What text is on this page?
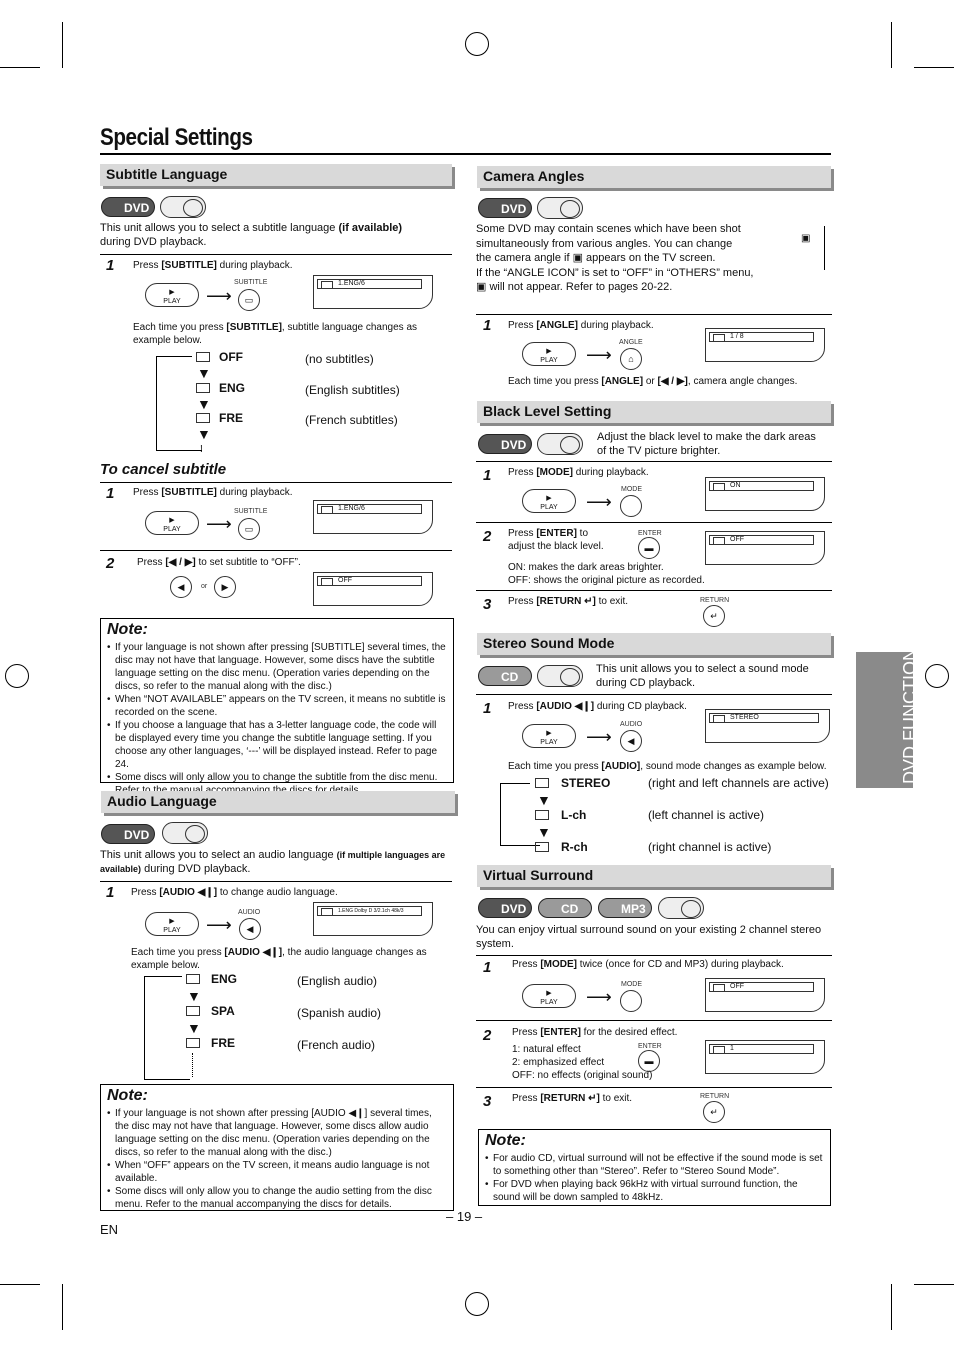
Special Settings
DVD FUNCTIONS
Subtitle Language
DVD
This unit allows you to select a subtitle language (if available)
during DVD playback.
1 Press [SUBTITLE] during playback.
▶
PLAY	⟶
SUBTITLE
▭
1.ENG/6
Each time you press [SUBTITLE], subtitle language changes as example below.
OFF	(no subtitles)
▼
ENG	(English subtitles)
▼
FRE	(French subtitles)
▼
!
To cancel subtitle
1 Press [SUBTITLE] during playback.
▶
PLAY	⟶
SUBTITLE
▭
1.ENG/6
2 Press [◀ / ▶] to set subtitle to “OFF”.
◀	or	▶
OFF
Note:
• If your language is not shown after pressing [SUBTITLE] several times, the disc may not have that language. However, some discs have the subtitle language setting on the disc menu. (Operation varies depending on the discs, so refer to the manual along with the disc.)
• When “NOT AVAILABLE” appears on the TV screen, it means no subtitle is recorded on the scene.
• If you choose a language that has a 3-letter language code, the code will be displayed every time you change the subtitle language setting. If you choose any other languages, ‘---’ will be displayed instead. Refer to page 24.
• Some discs will only allow you to change the subtitle from the disc menu.
Audio Language
DVD
This unit allows you to select an audio language (if multiple languages are available) during DVD playback.
1 Press [AUDIO ◀❙] to change audio language.
▶
PLAY	⟶
AUDIO
◀
1.ENG Dolby D 3/2.1ch 48k/3
Each time you press [AUDIO ◀❙], the audio language changes as example below.
ENG	(English audio)
▼
SPA	(Spanish audio)
▼
FRE	(French audio)
Note:
• If your language is not shown after pressing [AUDIO ◀❙] several times, the disc may not have that language. However, some discs allow audio language setting on the disc menu. (Operation varies depending on the discs, so refer to the manual along with the disc.)
• When “OFF” appears on the TV screen, it means audio language is not available.
• Some discs will only allow you to change the audio setting from the disc menu. Refer to the manual accompanying the discs for details.
– 19 –
EN
Camera Angles
DVD
Some DVD may contain scenes which have been shot
simultaneously from various angles. You can change
the camera angle if ▣ appears on the TV screen.
If the “ANGLE ICON” is set to “OFF” in “OTHERS” menu,
▣ will not appear. Refer to pages 20-22.
▣
1 Press [ANGLE] during playback.
▶
PLAY	⟶
ANGLE
⌂
1 / 8
Each time you press [ANGLE] or [◀ / ▶], camera angle changes.
Black Level Setting
DVD
Adjust the black level to make the dark areas of the TV picture brighter.
1 Press [MODE] during playback.
▶
PLAY	⟶
MODE
ON
2 Press [ENTER] to adjust the black level.
ENTER
▬
OFF
ON: makes the dark areas brighter.
OFF: shows the original picture as recorded.
3 Press [RETURN ↵] to exit.	RETURN
↵
Stereo Sound Mode
CD
This unit allows you to select a sound mode during CD playback.
1 Press [AUDIO ◀❙] during CD playback.
▶
PLAY	⟶
AUDIO
◀
STEREO
Each time you press [AUDIO], sound mode changes as example below.
STEREO	(right and left channels are active)
▼
L-ch	(left channel is active)
▼
R-ch	(right channel is active)
Virtual Surround
DVD	CD	MP3
You can enjoy virtual surround sound on your existing 2 channel stereo system.
1 Press [MODE] twice (once for CD and MP3) during playback.
▶
PLAY	⟶
MODE	OFF
2 Press [ENTER] for the desired effect.
1: natural effect
2: emphasized effect
OFF: no effects (original sound)
ENTER
▬
1
3 Press [RETURN ↵] to exit.	RETURN
↵
Note:
• For audio CD, virtual surround will not be effective if the sound mode is set to something other than “Stereo”. Refer to “Stereo Sound Mode”.
• For DVD when playing back 96kHz with virtual surround function, the sound will be down sampled to 48kHz.
